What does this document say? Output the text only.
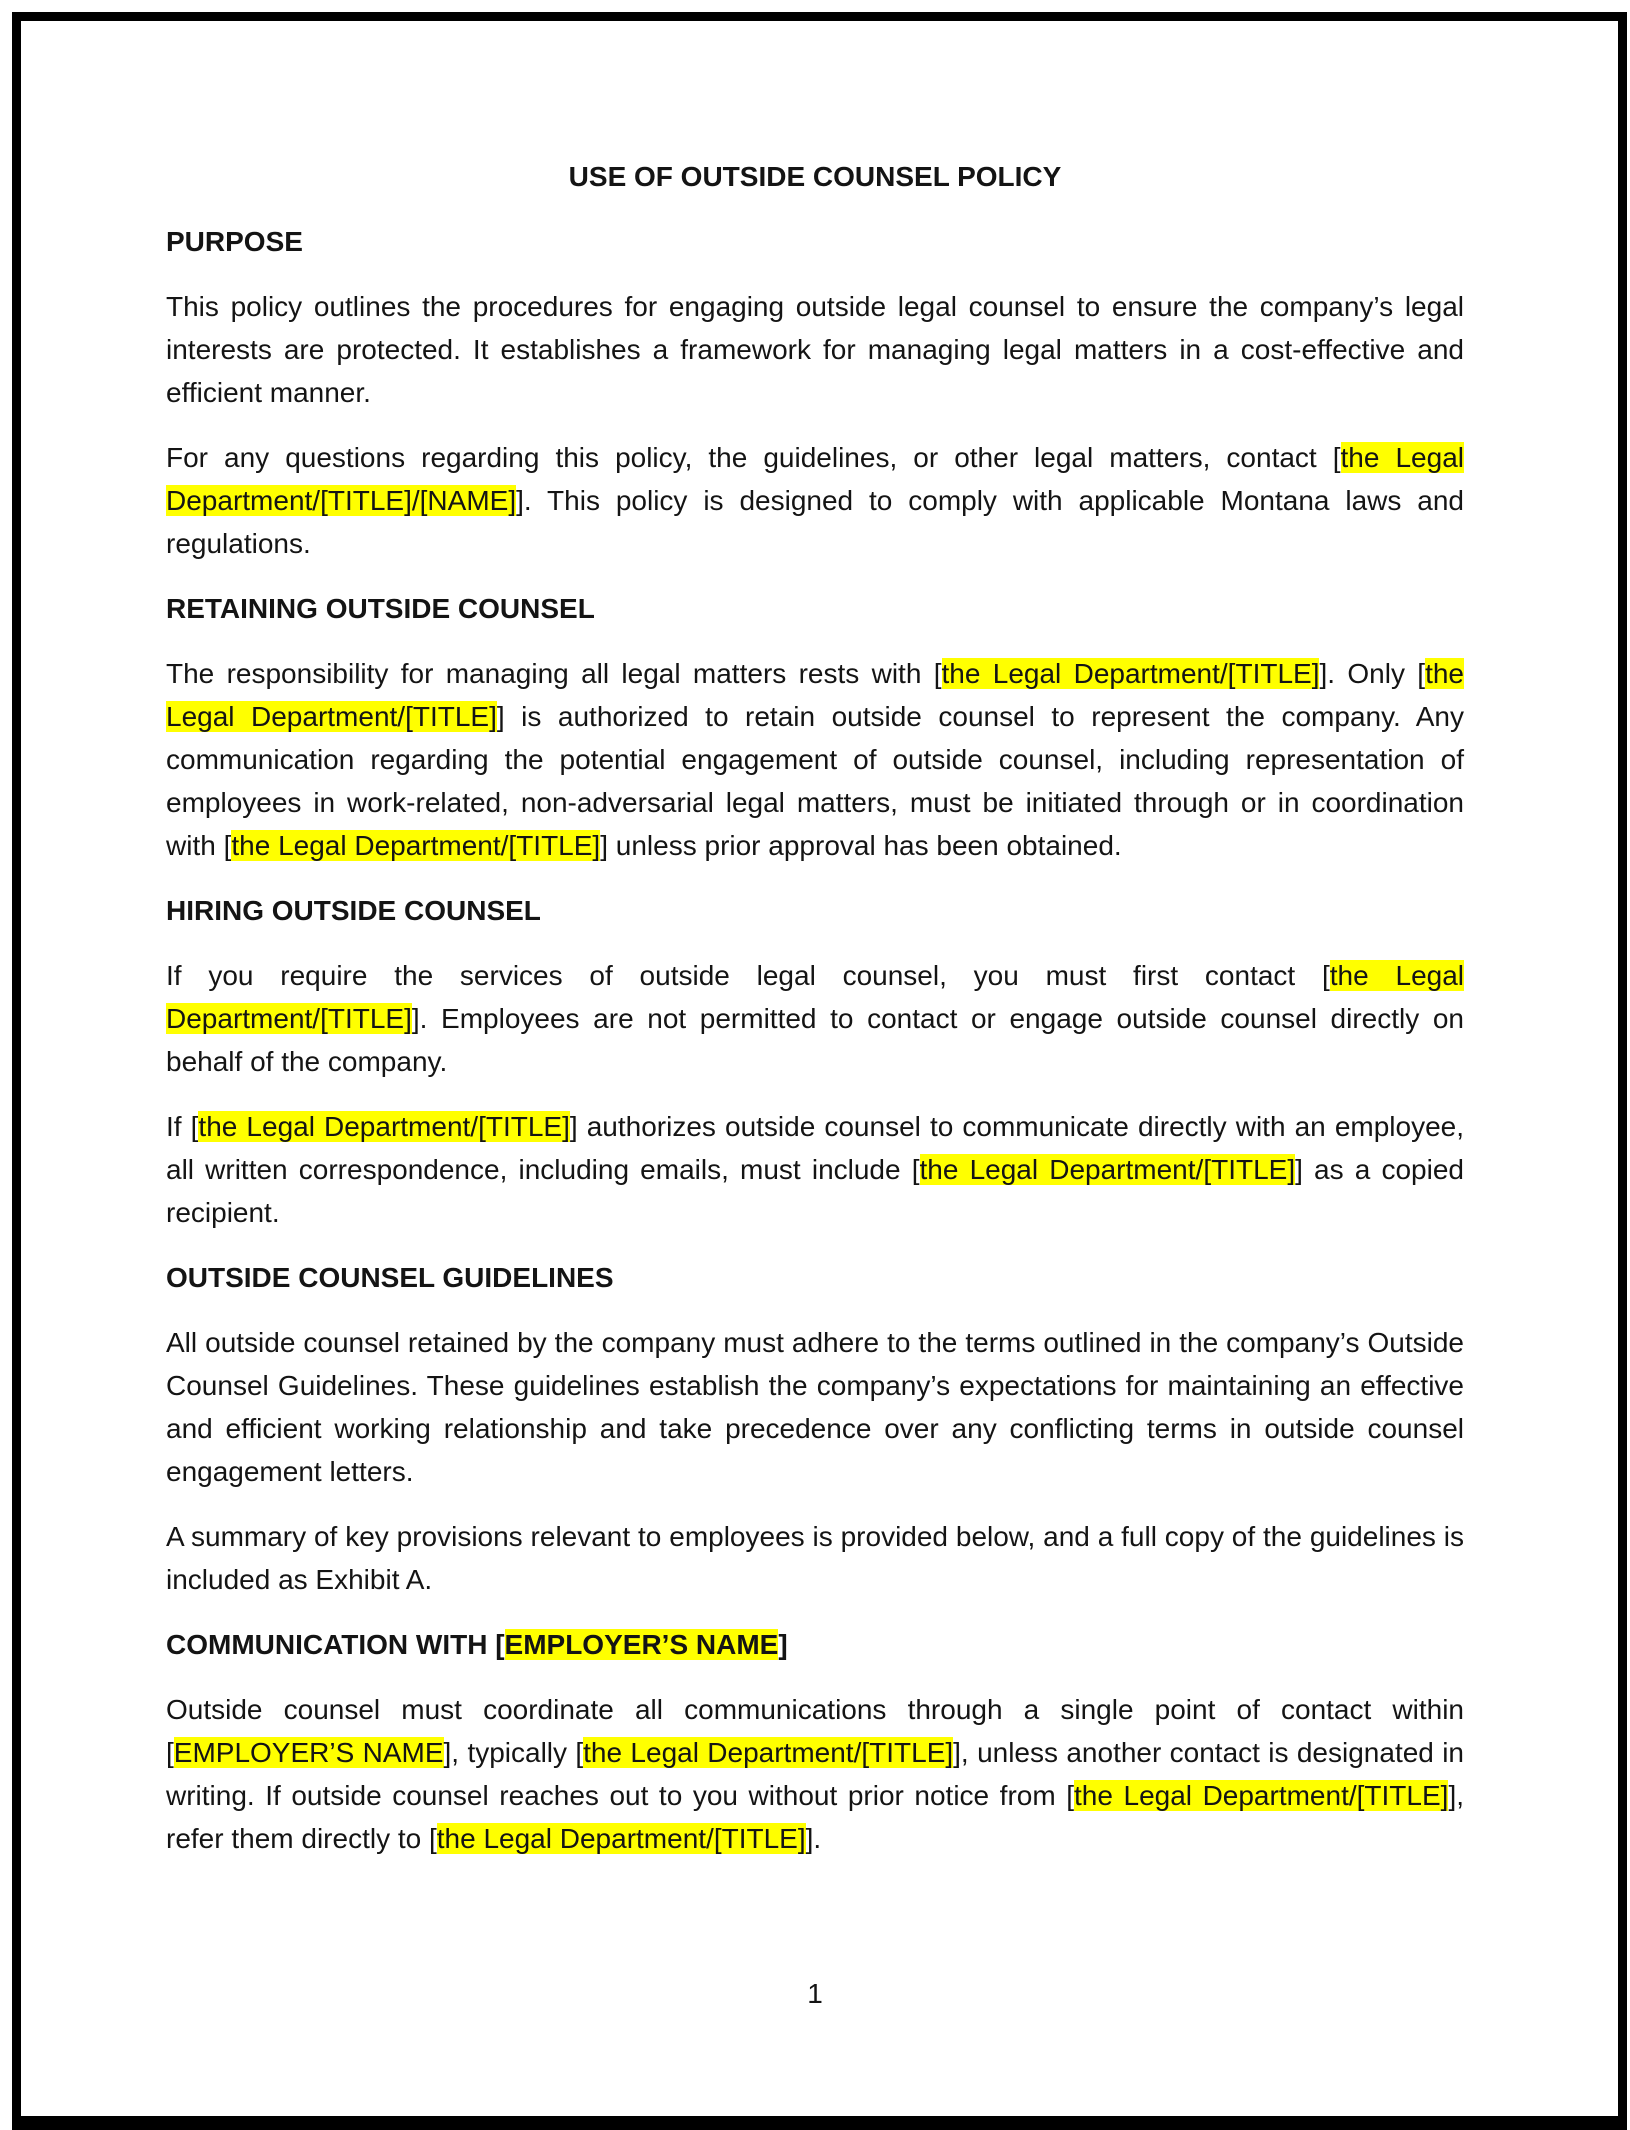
USE OF OUTSIDE COUNSEL POLICY
PURPOSE

This policy outlines the procedures for engaging outside legal counsel to ensure the company’s legal interests are protected. It establishes a framework for managing legal matters in a cost-effective and efficient manner.

For any questions regarding this policy, the guidelines, or other legal matters, contact [the Legal Department/[TITLE]/[NAME]]. This policy is designed to comply with applicable Montana laws and regulations.

RETAINING OUTSIDE COUNSEL

The responsibility for managing all legal matters rests with [the Legal Department/[TITLE]]. Only [the Legal Department/[TITLE]] is authorized to retain outside counsel to represent the company. Any communication regarding the potential engagement of outside counsel, including representation of employees in work-related, non-adversarial legal matters, must be initiated through or in coordination with [the Legal Department/[TITLE]] unless prior approval has been obtained.

HIRING OUTSIDE COUNSEL

If you require the services of outside legal counsel, you must first contact [the Legal Department/[TITLE]]. Employees are not permitted to contact or engage outside counsel directly on behalf of the company.

If [the Legal Department/[TITLE]] authorizes outside counsel to communicate directly with an employee, all written correspondence, including emails, must include [the Legal Department/[TITLE]] as a copied recipient.

OUTSIDE COUNSEL GUIDELINES

All outside counsel retained by the company must adhere to the terms outlined in the company’s Outside Counsel Guidelines. These guidelines establish the company’s expectations for maintaining an effective and efficient working relationship and take precedence over any conflicting terms in outside counsel engagement letters.

A summary of key provisions relevant to employees is provided below, and a full copy of the guidelines is included as Exhibit A.

COMMUNICATION WITH [EMPLOYER’S NAME]

Outside counsel must coordinate all communications through a single point of contact within [EMPLOYER’S NAME], typically [the Legal Department/[TITLE]], unless another contact is designated in writing. If outside counsel reaches out to you without prior notice from [the Legal Department/[TITLE]], refer them directly to [the Legal Department/[TITLE]].

1
